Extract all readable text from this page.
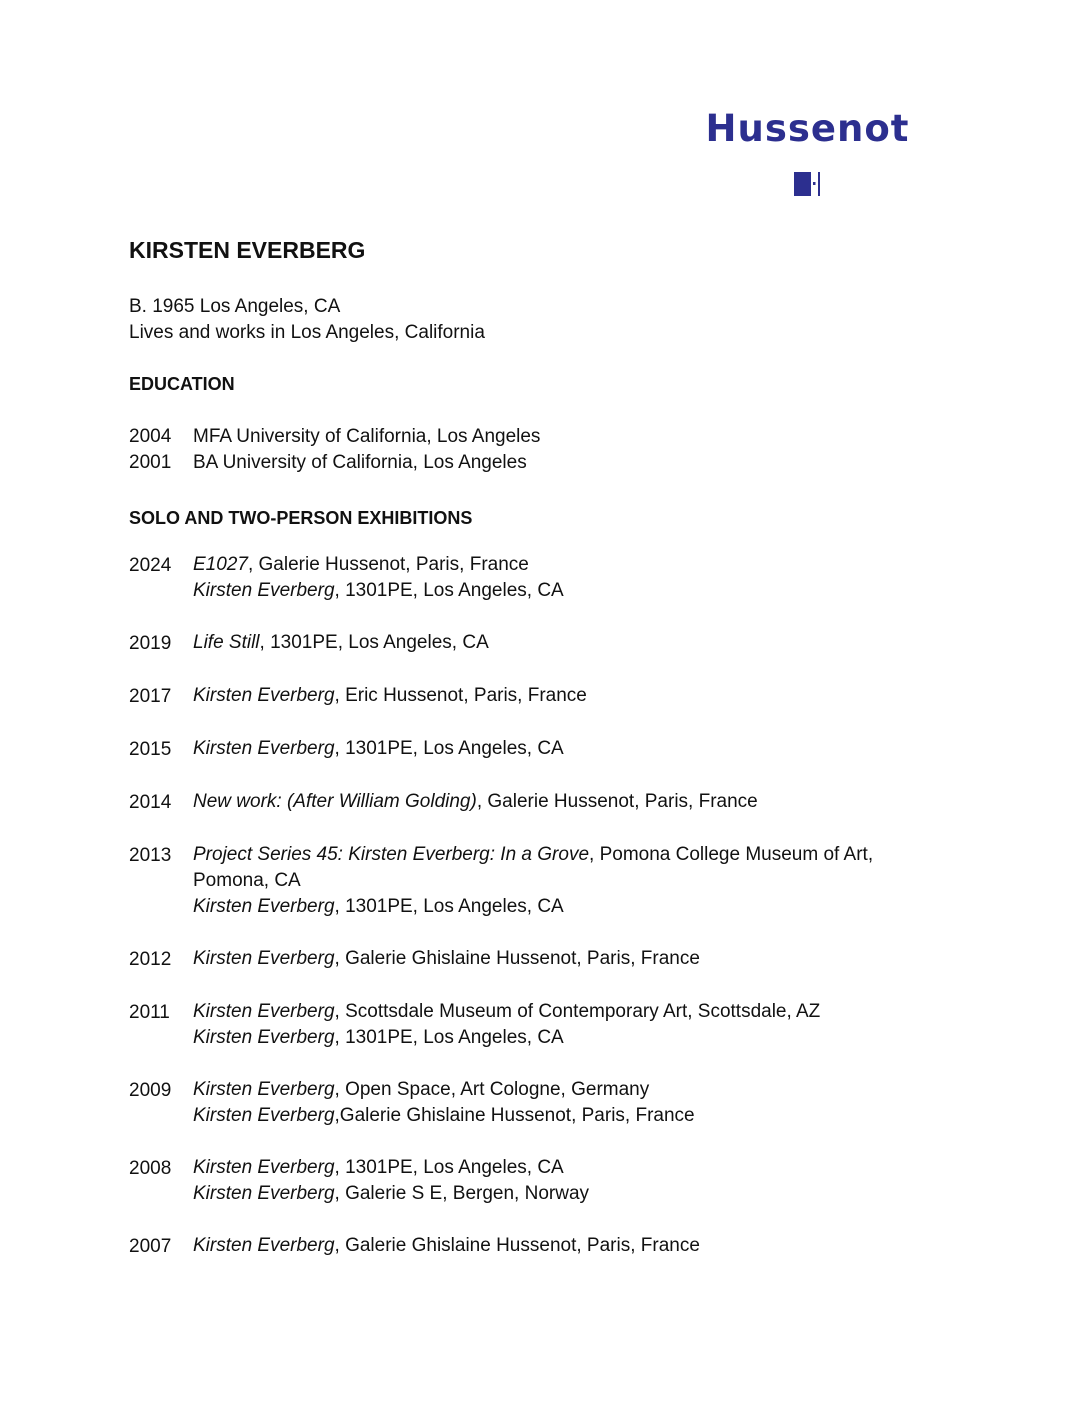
Hussenot
KIRSTEN EVERBERG
B. 1965 Los Angeles, CA
Lives and works in Los Angeles, California
EDUCATION
2004	MFA University of California, Los Angeles
2001	BA University of California, Los Angeles
SOLO AND TWO-PERSON EXHIBITIONS
2024	E1027, Galerie Hussenot, Paris, France
Kirsten Everberg, 1301PE, Los Angeles, CA
2019	Life Still, 1301PE, Los Angeles, CA
2017	Kirsten Everberg, Eric Hussenot, Paris, France
2015	Kirsten Everberg, 1301PE, Los Angeles, CA
2014	New work: (After William Golding), Galerie Hussenot, Paris, France
2013	Project Series 45: Kirsten Everberg: In a Grove, Pomona College Museum of Art, Pomona, CA
Kirsten Everberg, 1301PE, Los Angeles, CA
2012	Kirsten Everberg, Galerie Ghislaine Hussenot, Paris, France
2011	Kirsten Everberg, Scottsdale Museum of Contemporary Art, Scottsdale, AZ
Kirsten Everberg, 1301PE, Los Angeles, CA
2009	Kirsten Everberg, Open Space, Art Cologne, Germany
Kirsten Everberg,Galerie Ghislaine Hussenot, Paris, France
2008	Kirsten Everberg, 1301PE, Los Angeles, CA
Kirsten Everberg, Galerie S E, Bergen, Norway
2007	Kirsten Everberg, Galerie Ghislaine Hussenot, Paris, France
